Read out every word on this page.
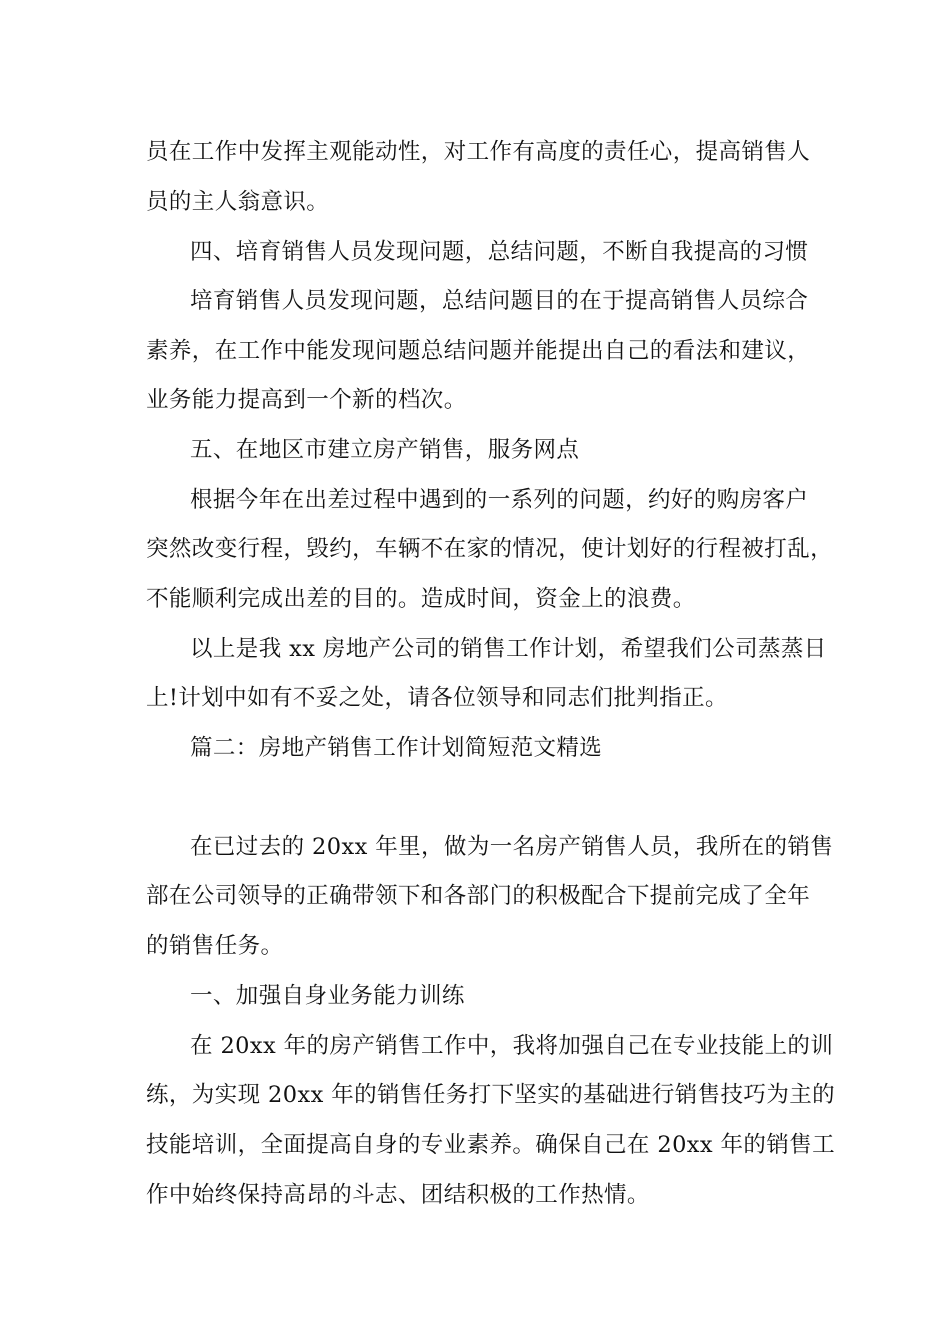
员在工作中发挥主观能动性，对工作有高度的责任心，提高销售人
员的主人翁意识。
四、培育销售人员发现问题，总结问题，不断自我提高的习惯
培育销售人员发现问题，总结问题目的在于提高销售人员综合
素养，在工作中能发现问题总结问题并能提出自己的看法和建议，
业务能力提高到一个新的档次。
五、在地区市建立房产销售，服务网点
根据今年在出差过程中遇到的一系列的问题，约好的购房客户
突然改变行程，毁约，车辆不在家的情况，使计划好的行程被打乱，
不能顺利完成出差的目的。造成时间，资金上的浪费。
以上是我 xx 房地产公司的销售工作计划，希望我们公司蒸蒸日
上!计划中如有不妥之处，请各位领导和同志们批判指正。
篇二：房地产销售工作计划简短范文精选
在已过去的 20xx 年里，做为一名房产销售人员，我所在的销售
部在公司领导的正确带领下和各部门的积极配合下提前完成了全年
的销售任务。
一、加强自身业务能力训练
在 20xx 年的房产销售工作中，我将加强自己在专业技能上的训
练，为实现 20xx 年的销售任务打下坚实的基础进行销售技巧为主的
技能培训，全面提高自身的专业素养。确保自己在 20xx 年的销售工
作中始终保持高昂的斗志、团结积极的工作热情。
